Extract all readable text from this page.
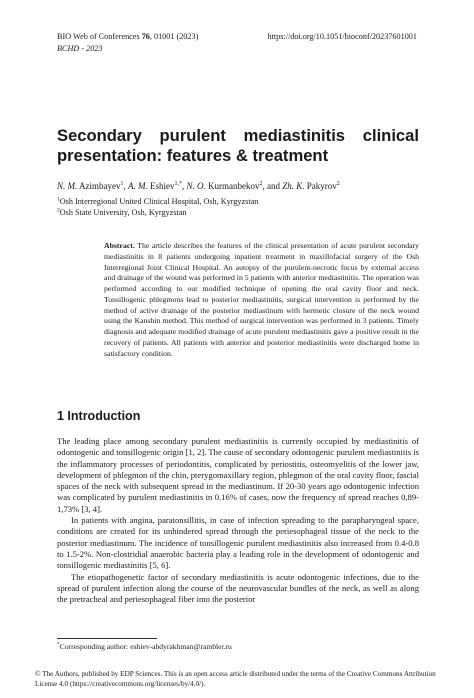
BIO Web of Conferences 76, 01001 (2023)
BCHD - 2023
https://doi.org/10.1051/bioconf/20237601001
Secondary purulent mediastinitis clinical presentation: features & treatment
N. M. Azimbayev$^1$, A. M. Eshiev$^{1,*}$, N. O. Kurmanbekov$^2$, and Zh. K. Pakyrov$^2$
$^1$Osh Interregional United Clinical Hospital, Osh, Kyrgyzstan
$^2$Osh State University, Osh, Kyrgyzstan
Abstract. The article describes the features of the clinical presentation of acute purulent secondary mediastinitis in 8 patients undergoing inpatient treatment in maxillofacial surgery of the Osh Interregional Joint Clinical Hospital. An autopsy of the purulent-necrotic focus by external access and drainage of the wound was performed in 5 patients with anterior mediastinitis. The operation was performed according to our modified technique of opening the oral cavity floor and neck. Tonsillogenic phlegmons lead to posterior mediastinitis, surgical intervention is performed by the method of active drainage of the posterior mediastinum with hermetic closure of the neck wound using the Kanshin method. This method of surgical intervention was performed in 3 patients. Timely diagnosis and adequate modified drainage of acute purulent mediastinitis gave a positive result in the recovery of patients. All patients with anterior and posterior mediastinitis were discharged home in satisfactory condition.
1 Introduction

The leading place among secondary purulent mediastinitis is currently occupied by mediastinitis of odontogenic and tonsillogenic origin [1, 2]. The cause of secondary odontogenic purulent mediastinitis is the inflammatory processes of periodontitis, complicated by periostitis, osteomyelitis of the lower jaw, development of phlegmon of the chin, pterygomaxillary region, phlegmon of the oral cavity floor, fascial spaces of the neck with subsequent spread in the mediastinum. If 20-30 years ago odontogenic infection was complicated by purulent mediastinitis in 0.16% of cases, now the frequency of spread reaches 0,89-1,73% [3, 4].

In patients with angina, paratonsillitis, in case of infection spreading to the parapharyngeal space, conditions are created for its unhindered spread through the periesophageal tissue of the neck to the posterior mediastinum. The incidence of tonsillogenic purulent mediastinitis also increased from 0.4-0.8 to 1.5-2%. Non-clostridial anaerobic bacteria play a leading role in the development of odontogenic and tonsillogenic mediastinitis [5, 6].

The etiopathogenetic factor of secondary mediastinitis is acute odontogenic infections, due to the spread of purulent infection along the course of the neurovascular bundles of the neck, as well as along the pretracheal and periesophageal fiber into the posterior

*Corresponding author: eshiev-abdyrakhman@rambler.ru
© The Authors, published by EDP Sciences. This is an open access article distributed under the terms of the Creative Commons Attribution License 4.0 (https://creativecommons.org/licenses/by/4.0/).
